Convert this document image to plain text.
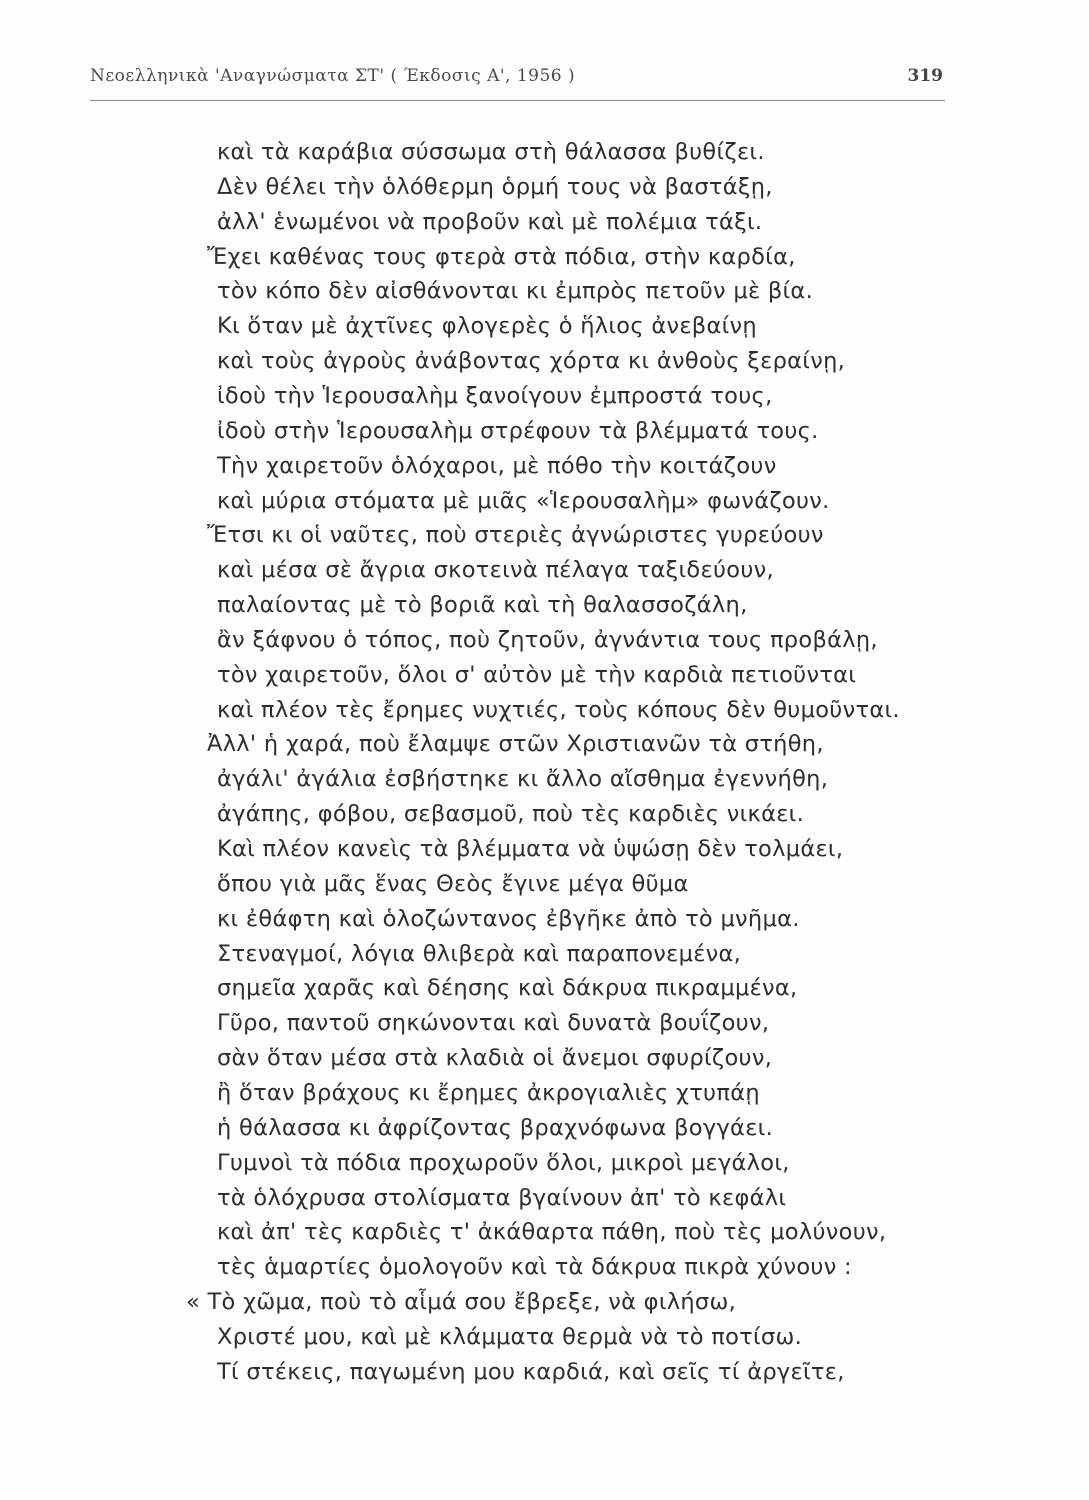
Νεοελληνικὰ 'Αναγνώσματα ΣΤ' ( Έκδοσις Α', 1956 )	319
καὶ τὰ καράβια σύσσωμα στὴ θάλασσα βυθίζει.
Δὲν θέλει τὴν ὁλόθερμη ὁρμή τους νὰ βαστάξῃ,
ἀλλ' ἑνωμένοι νὰ προβοῦν καὶ μὲ πολέμια τάξι.
Ἔχει καθένας τους φτερὰ στὰ πόδια, στὴν καρδία,
τὸν κόπο δὲν αἰσθάνονται κι ἐμπρὸς πετοῦν μὲ βία.
Κι ὅταν μὲ ἀχτῖνες φλογερὲς ὁ ἥλιος ἀνεβαίνῃ
καὶ τοὺς ἀγροὺς ἀνάβοντας χόρτα κι ἀνθοὺς ξεραίνῃ,
ἰδοὺ τὴν Ἱερουσαλὴμ ξανοίγουν ἐμπροστά τους,
ἰδοὺ στὴν Ἱερουσαλὴμ στρέφουν τὰ βλέμματά τους.
Τὴν χαιρετοῦν ὁλόχαροι, μὲ πόθο τὴν κοιτάζουν
καὶ μύρια στόματα μὲ μιᾶς «Ἱερουσαλὴμ» φωνάζουν.
Ἔτσι κι οἱ ναῦτες, ποὺ στεριὲς ἀγνώριστες γυρεύουν
καὶ μέσα σὲ ἄγρια σκοτεινὰ πέλαγα ταξιδεύουν,
παλαίοντας μὲ τὸ βοριᾶ καὶ τὴ θαλασσοζάλη,
ἂν ξάφνου ὁ τόπος, ποὺ ζητοῦν, ἀγνάντια τους προβάλῃ,
τὸν χαιρετοῦν, ὅλοι σ' αὐτὸν μὲ τὴν καρδιὰ πετιοῦνται
καὶ πλέον τὲς ἔρημες νυχτιές, τοὺς κόπους δὲν θυμοῦνται.
Ἀλλ' ἡ χαρά, ποὺ ἔλαμψε στῶν Χριστιανῶν τὰ στήθη,
ἀγάλι' ἀγάλια ἐσβήστηκε κι ἄλλο αἴσθημα ἐγεννήθη,
ἀγάπης, φόβου, σεβασμοῦ, ποὺ τὲς καρδιὲς νικάει.
Καὶ πλέον κανεὶς τὰ βλέμματα νὰ ὑψώσῃ δὲν τολμάει,
ὅπου γιὰ μᾶς ἕνας Θεὸς ἔγινε μέγα θῦμα
κι ἐθάφτη καὶ ὁλοζώντανος ἐβγῆκε ἀπὸ τὸ μνῆμα.
Στεναγμοί, λόγια θλιβερὰ καὶ παραπονεμένα,
σημεῖα χαρᾶς καὶ δέησης καὶ δάκρυα πικραμμένα,
Γῦρο, παντοῦ σηκώνονται καὶ δυνατὰ βουΐζουν,
σὰν ὅταν μέσα στὰ κλαδιὰ οἱ ἄνεμοι σφυρίζουν,
ἢ ὅταν βράχους κι ἔρημες ἀκρογιαλιὲς χτυπάῃ
ἡ θάλασσα κι ἀφρίζοντας βραχνόφωνα βογγάει.
Γυμνοὶ τὰ πόδια προχωροῦν ὅλοι, μικροὶ μεγάλοι,
τὰ ὁλόχρυσα στολίσματα βγαίνουν ἀπ' τὸ κεφάλι
καὶ ἀπ' τὲς καρδιὲς τ' ἀκάθαρτα πάθη, ποὺ τὲς μολύνουν,
τὲς ἁμαρτίες ὁμολογοῦν καὶ τὰ δάκρυα πικρὰ χύνουν :
« Τὸ χῶμα, ποὺ τὸ αἷμά σου ἔβρεξε, νὰ φιλήσω,
Χριστέ μου, καὶ μὲ κλάμματα θερμὰ νὰ τὸ ποτίσω.
Τί στέκεις, παγωμένη μου καρδιά, καὶ σεῖς τί ἀργεῖτε,
